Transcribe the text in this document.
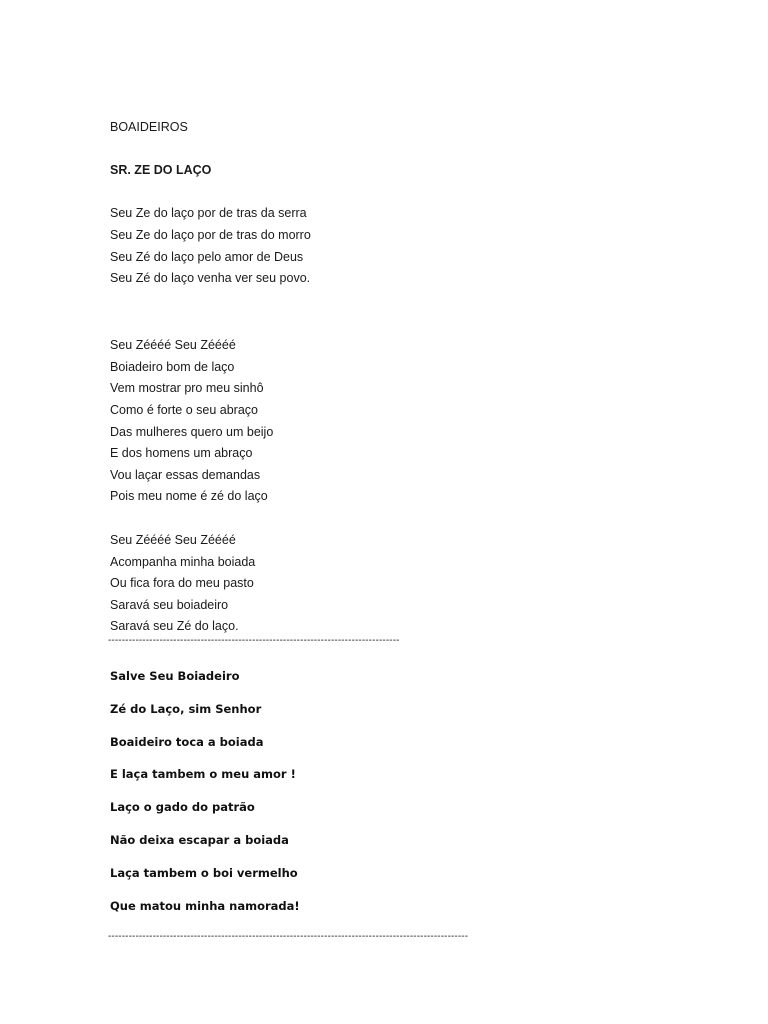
BOAIDEIROS
SR. ZE DO LAÇO
Seu Ze do laço por de tras da serra
Seu Ze do laço por de tras do morro
Seu Zé do laço pelo amor de Deus
Seu Zé do laço venha ver seu povo.
Seu Zéééé Seu Zéééé
Boiadeiro bom de laço
Vem mostrar pro meu sinhô
Como é forte o seu abraço
Das mulheres quero um beijo
E dos homens um abraço
Vou laçar essas demandas
Pois meu nome é zé do laço
Seu Zéééé Seu Zéééé
Acompanha minha boiada
Ou fica fora do meu pasto
Saravá seu boiadeiro
Saravá seu Zé do laço.
-------------------------------------------------------------------------------------
Salve Seu Boiadeiro
Zé do Laço, sim Senhor
Boaideiro toca a boiada
E laça tambem o meu amor !
Laço o gado do patrão
Não deixa escapar a boiada
Laça tambem o boi vermelho
Que matou minha namorada!
---------------------------------------------------------------------------------------------------------
